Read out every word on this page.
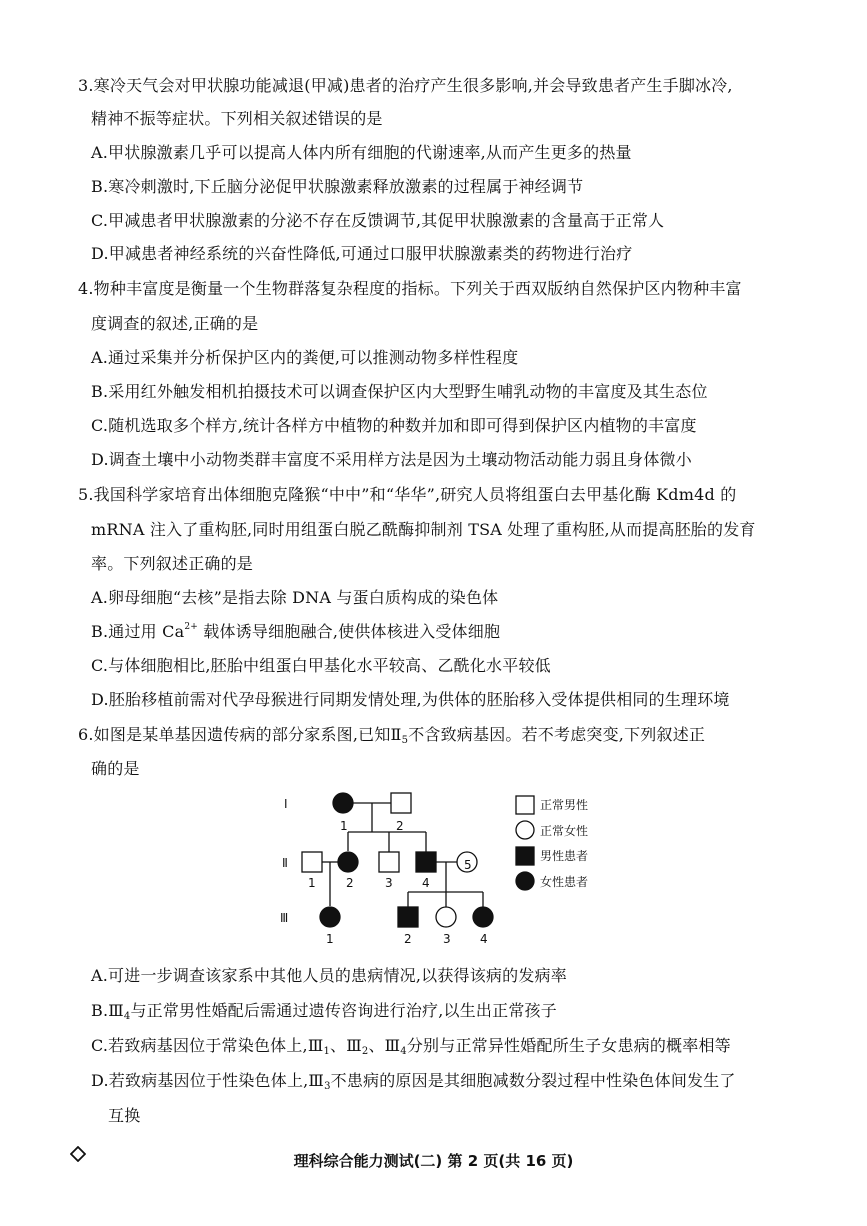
3.寒冷天气会对甲状腺功能减退(甲减)患者的治疗产生很多影响,并会导致患者产生手脚冰冷,
精神不振等症状。下列相关叙述错误的是
A.甲状腺激素几乎可以提高人体内所有细胞的代谢速率,从而产生更多的热量
B.寒冷刺激时,下丘脑分泌促甲状腺激素释放激素的过程属于神经调节
C.甲减患者甲状腺激素的分泌不存在反馈调节,其促甲状腺激素的含量高于正常人
D.甲减患者神经系统的兴奋性降低,可通过口服甲状腺激素类的药物进行治疗
4.物种丰富度是衡量一个生物群落复杂程度的指标。下列关于西双版纳自然保护区内物种丰富
度调查的叙述,正确的是
A.通过采集并分析保护区内的粪便,可以推测动物多样性程度
B.采用红外触发相机拍摄技术可以调查保护区内大型野生哺乳动物的丰富度及其生态位
C.随机选取多个样方,统计各样方中植物的种数并加和即可得到保护区内植物的丰富度
D.调查土壤中小动物类群丰富度不采用样方法是因为土壤动物活动能力弱且身体微小
5.我国科学家培育出体细胞克隆猴“中中”和“华华”,研究人员将组蛋白去甲基化酶 Kdm4d 的
mRNA 注入了重构胚,同时用组蛋白脱乙酰酶抑制剂 TSA 处理了重构胚,从而提高胚胎的发育
率。下列叙述正确的是
A.卵母细胞“去核”是指去除 DNA 与蛋白质构成的染色体
B.通过用 $Ca^{2+}$ 载体诱导细胞融合,使供体核进入受体细胞
C.与体细胞相比,胚胎中组蛋白甲基化水平较高、乙酰化水平较低
D.胚胎移植前需对代孕母猴进行同期发情处理,为供体的胚胎移入受体提供相同的生理环境
6.如图是某单基因遗传病的部分家系图,已知Ⅱ5不含致病基因。若不考虑突变,下列叙述正
确的是
Ⅰ
Ⅱ
Ⅲ
1	2
1	2	3 4
5
1	2	3 4
正常男性
正常女性
男性患者
女性患者
A.可进一步调查该家系中其他人员的患病情况,以获得该病的发病率
B.Ⅲ4与正常男性婚配后需通过遗传咨询进行治疗,以生出正常孩子
C.若致病基因位于常染色体上,Ⅲ1、Ⅲ2、Ⅲ4分别与正常异性婚配所生子女患病的概率相等
D.若致病基因位于性染色体上,Ⅲ3不患病的原因是其细胞减数分裂过程中性染色体间发生了
互换
理科综合能力测试(二) 第 2 页(共 16 页)
